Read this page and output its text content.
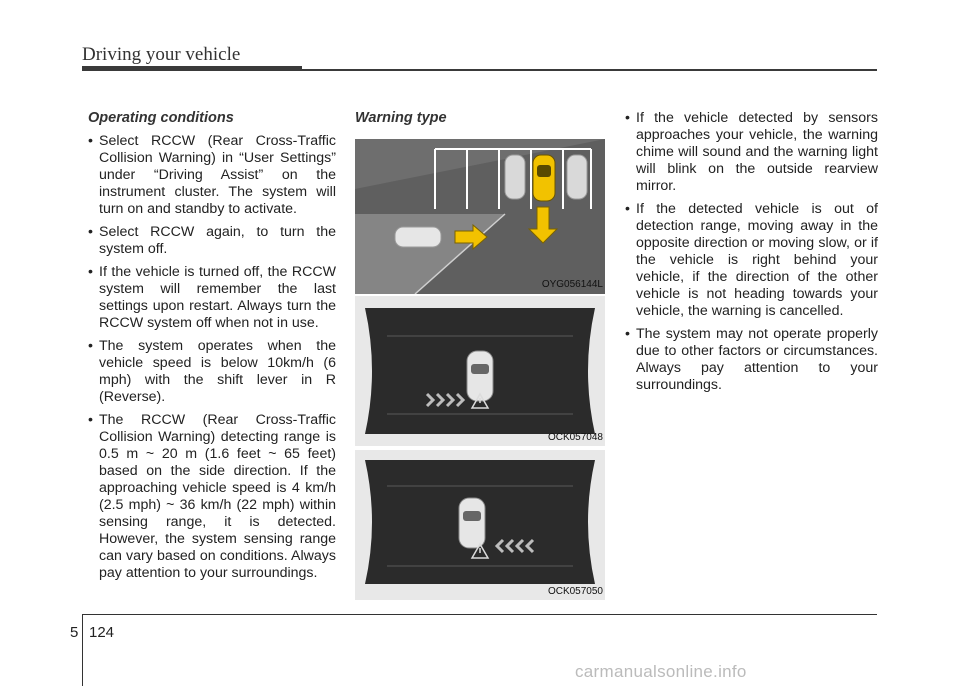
Driving your vehicle
Operating conditions
• Select RCCW (Rear Cross-Traffic Collision Warning) in “User Settings” under “Driving Assist” on the instrument cluster. The system will turn on and standby to activate.
• Select RCCW again, to turn the system off.
• If the vehicle is turned off, the RCCW system will remember the last settings upon restart. Always turn the RCCW system off when not in use.
• The system operates when the vehicle speed is below 10km/h (6 mph) with the shift lever in R (Reverse).
• The RCCW (Rear Cross-Traffic Collision Warning) detecting range is 0.5 m ~ 20 m (1.6 feet ~ 65 feet) based on the side direction. If the approaching vehicle speed is 4 km/h (2.5 mph) ~ 36 km/h (22 mph) within sensing range, it is detected. However, the system sensing range can vary based on conditions. Always pay attention to your surroundings.
Warning type
OYG056144L
OCK057048
OCK057050
• If the vehicle detected by sensors approaches your vehicle, the warning chime will sound and the warning light will blink on the outside rearview mirror.
• If the detected vehicle is out of detection range, moving away in the opposite direction or moving slow, or if the vehicle is right behind your vehicle, if the direction of the other vehicle is not heading towards your vehicle, the warning is cancelled.
• The system may not operate properly due to other factors or circumstances. Always pay attention to your surroundings.
5 124
carmanualsonline.info
